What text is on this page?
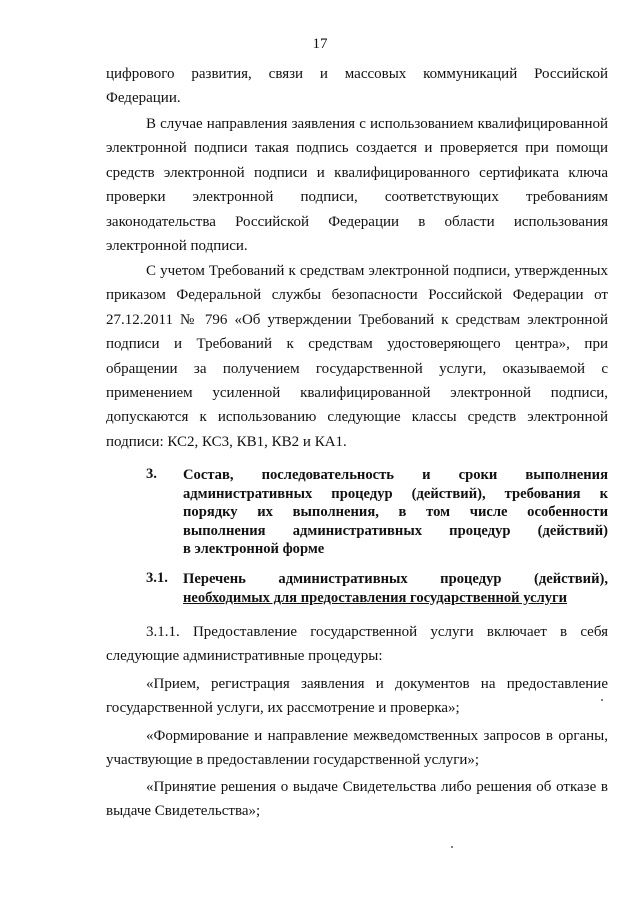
17
цифрового развития, связи и массовых коммуникаций Российской
Федерации.
В случае направления заявления с использованием квалифицированной
электронной подписи такая подпись создается и проверяется при помощи
средств электронной подписи и квалифицированного сертификата ключа
проверки электронной подписи, соответствующих требованиям
законодательства Российской Федерации в области использования
электронной подписи.
С учетом Требований к средствам электронной подписи, утвержденных
приказом Федеральной службы безопасности Российской Федерации от
27.12.2011 № 796 «Об утверждении Требований к средствам электронной
подписи и Требований к средствам удостоверяющего центра», при
обращении за получением государственной услуги, оказываемой с
применением усиленной квалифицированной электронной подписи,
допускаются к использованию следующие классы средств электронной
подписи: КС2, КС3, КВ1, КВ2 и КА1.
3. Состав, последовательность и сроки выполнения
административных процедур (действий), требования к
порядку их выполнения, в том числе особенности
выполнения административных процедур (действий)
в электронной форме
3.1. Перечень административных процедур (действий),
необходимых для предоставления государственной услуги
3.1.1. Предоставление государственной услуги включает в себя
следующие административные процедуры:
«Прием, регистрация заявления и документов на предоставление
государственной услуги, их рассмотрение и проверка»;
«Формирование и направление межведомственных запросов в органы,
участвующие в предоставлении государственной услуги»;
«Принятие решения о выдаче Свидетельства либо решения об отказе в
выдаче Свидетельства»;
